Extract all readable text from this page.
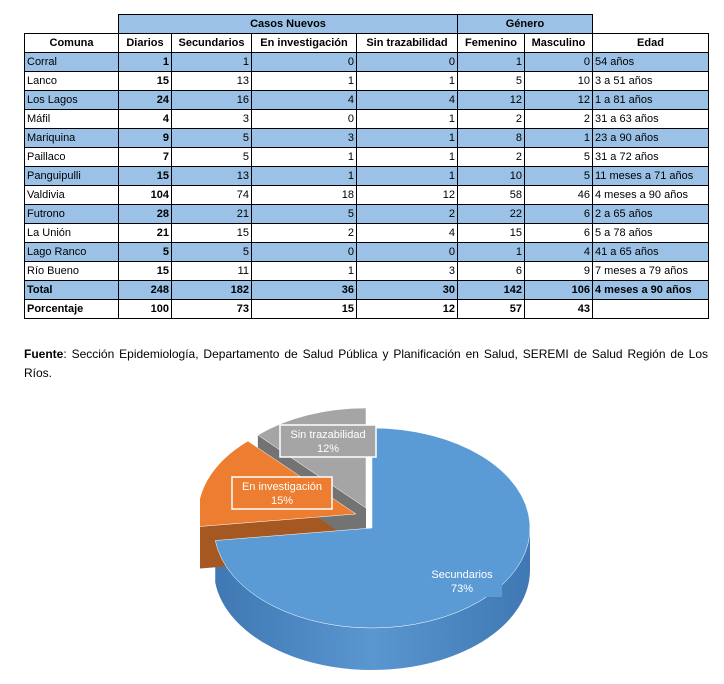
	Casos Nuevos				Género		
Comuna	Diarios	Secundarios	En investigación	Sin trazabilidad	Femenino	Masculino	Edad
Corral	1	1	0	0	1	0	54 años
Lanco	15	13	1	1	5	10	3 a 51 años
Los Lagos	24	16	4	4	12	12	1 a 81 años
Máfil	4	3	0	1	2	2	31 a 63 años
Mariquina	9	5	3	1	8	1	23 a 90 años
Paillaco	7	5	1	1	2	5	31 a 72 años
Panguipulli	15	13	1	1	10	5	11 meses a 71 años
Valdivia	104	74	18	12	58	46	4 meses a 90 años
Futrono	28	21	5	2	22	6	2 a 65 años
La Unión	21	15	2	4	15	6	5 a 78 años
Lago Ranco	5	5	0	0	1	4	41 a 65 años
Río Bueno	15	11	1	3	6	9	7 meses a 79 años
Total	248	182	36	30	142	106	4 meses a 90 años
Porcentaje	100	73	15	12	57	43	
Fuente: Sección Epidemiología, Departamento de Salud Pública y Planificación en Salud, SEREMI de Salud Región de Los Ríos.
Secundarios
73%
En investigación
15%
Sin trazabilidad
12%
